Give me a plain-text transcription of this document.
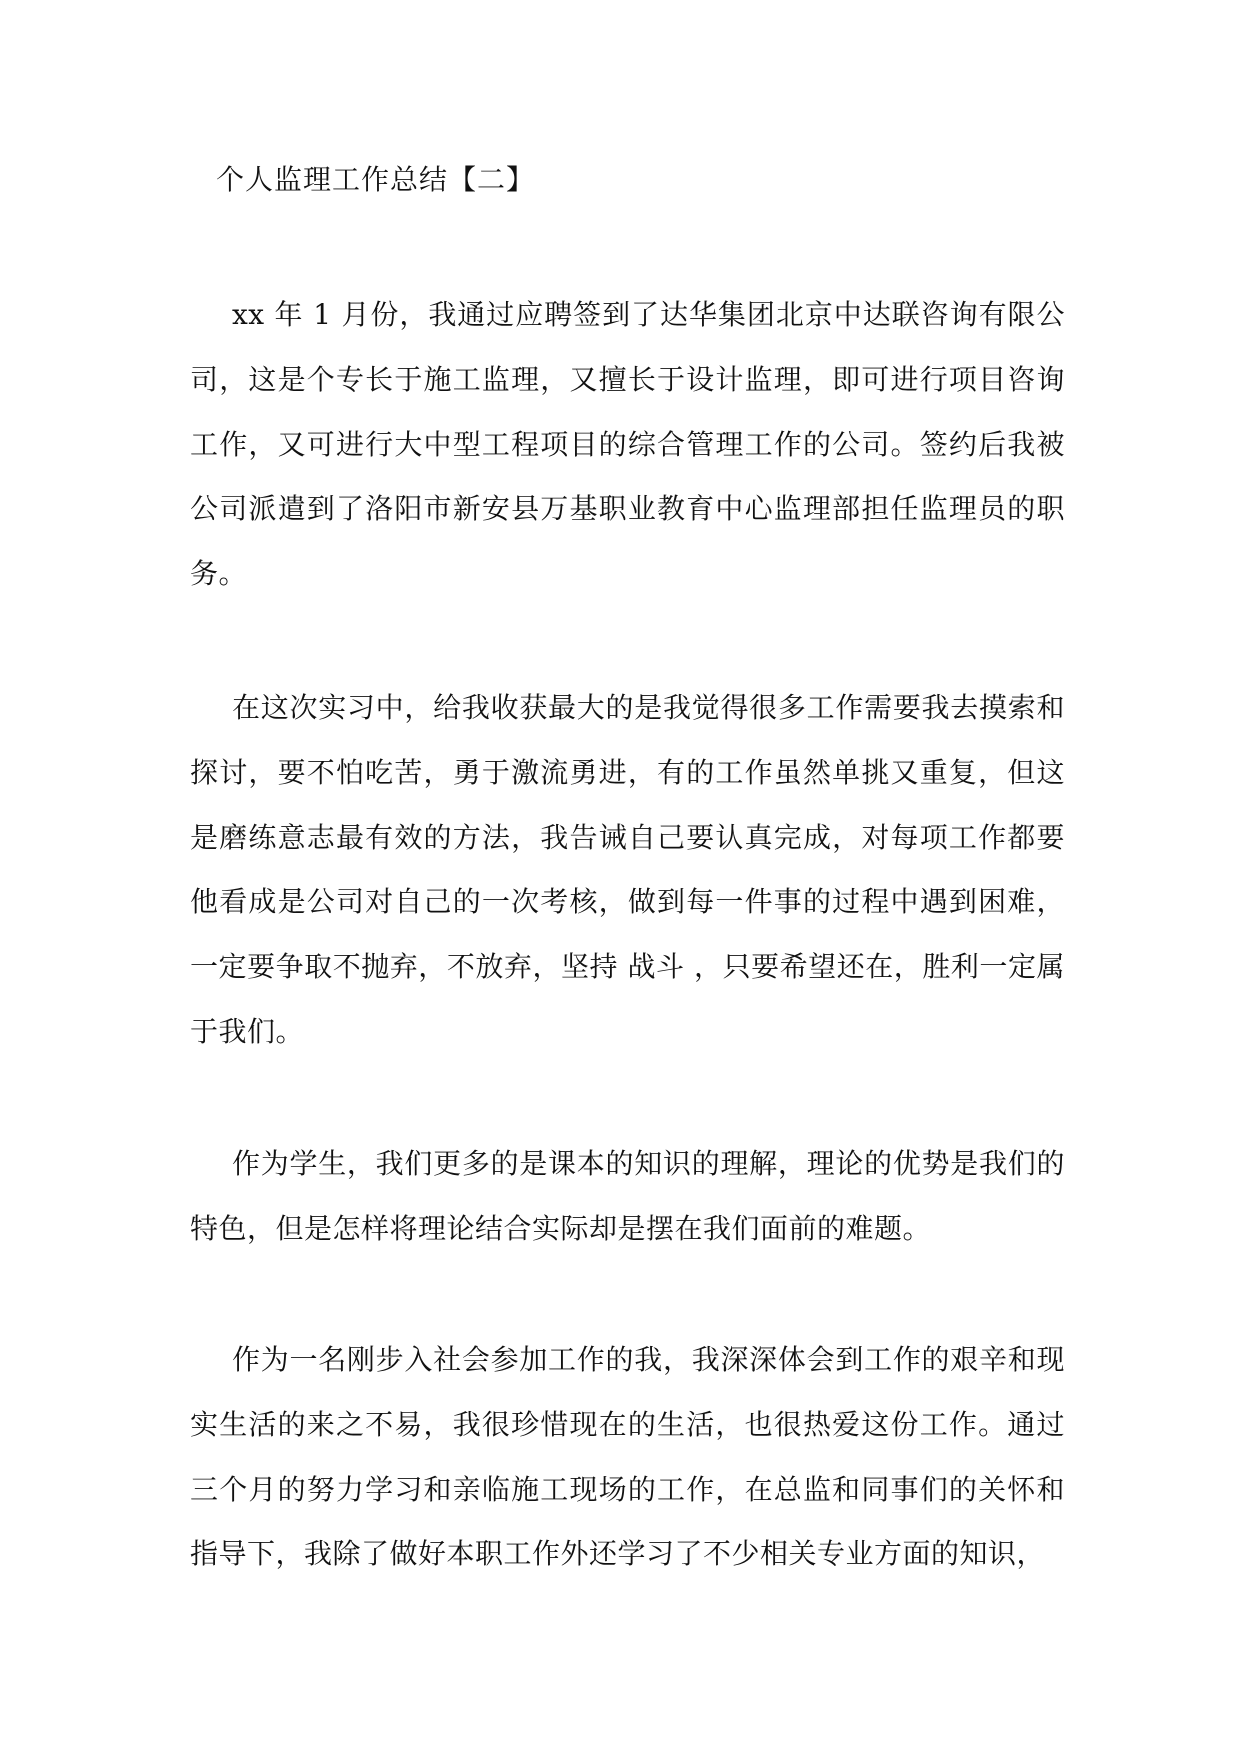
个人监理工作总结【二】

xx 年 1 月份，我通过应聘签到了达华集团北京中达联咨询有限公司，这是个专长于施工监理，又擅长于设计监理，即可进行项目咨询工作，又可进行大中型工程项目的综合管理工作的公司。签约后我被公司派遣到了洛阳市新安县万基职业教育中心监理部担任监理员的职务。

在这次实习中，给我收获最大的是我觉得很多工作需要我去摸索和探讨，要不怕吃苦，勇于激流勇进，有的工作虽然单挑又重复，但这是磨练意志最有效的方法，我告诫自己要认真完成，对每项工作都要他看成是公司对自己的一次考核，做到每一件事的过程中遇到困难，一定要争取不抛弃，不放弃，坚持 战斗 ，只要希望还在，胜利一定属于我们。

作为学生，我们更多的是课本的知识的理解，理论的优势是我们的特色，但是怎样将理论结合实际却是摆在我们面前的难题。

作为一名刚步入社会参加工作的我，我深深体会到工作的艰辛和现实生活的来之不易，我很珍惜现在的生活，也很热爱这份工作。通过三个月的努力学习和亲临施工现场的工作，在总监和同事们的关怀和指导下，我除了做好本职工作外还学习了不少相关专业方面的知识，
